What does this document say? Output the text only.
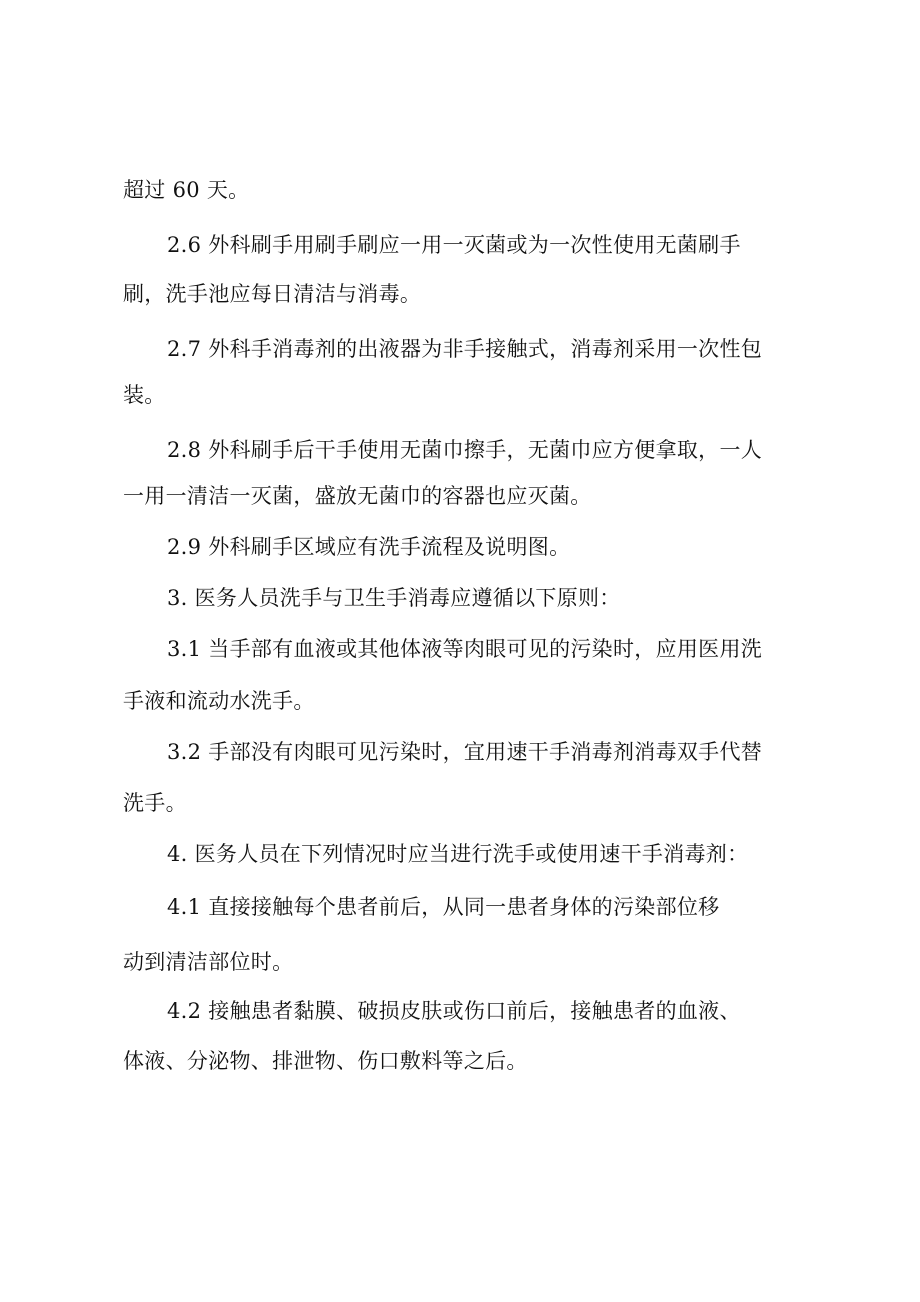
超过 60 天。
2.6 外科刷手用刷手刷应一用一灭菌或为一次性使用无菌刷手
刷，洗手池应每日清洁与消毒。
2.7 外科手消毒剂的出液器为非手接触式，消毒剂采用一次性包
装。
2.8 外科刷手后干手使用无菌巾擦手，无菌巾应方便拿取，一人
一用一清洁一灭菌，盛放无菌巾的容器也应灭菌。
2.9 外科刷手区域应有洗手流程及说明图。
3. 医务人员洗手与卫生手消毒应遵循以下原则：
3.1 当手部有血液或其他体液等肉眼可见的污染时，应用医用洗
手液和流动水洗手。
3.2 手部没有肉眼可见污染时，宜用速干手消毒剂消毒双手代替
洗手。
4. 医务人员在下列情况时应当进行洗手或使用速干手消毒剂：
4.1 直接接触每个患者前后，从同一患者身体的污染部位移
动到清洁部位时。
4.2 接触患者黏膜、破损皮肤或伤口前后，接触患者的血液、
体液、分泌物、排泄物、伤口敷料等之后。
